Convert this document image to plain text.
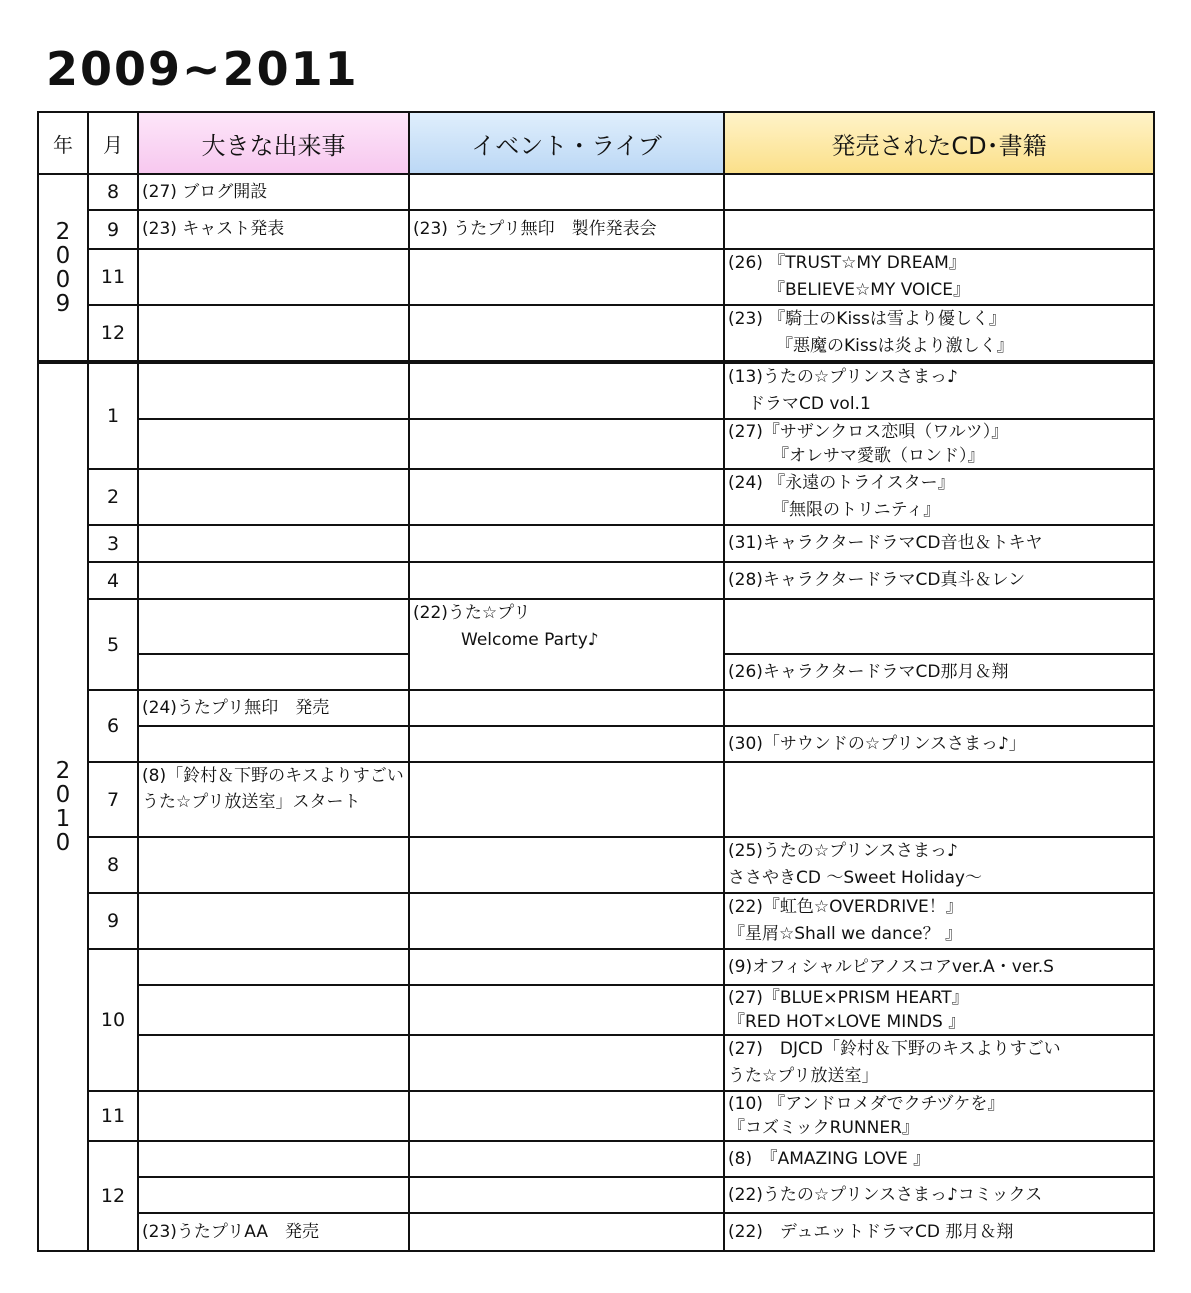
2009~2011
年	月	大きな出来事	イベント・ライブ	発売されたCD･書籍
2009	8	(27) ブログ開設		
	9	(23) キャスト発表	(23) うたプリ無印　製作発表会	
	11			(26) 『TRUST☆MY DREAM』
『BELIEVE☆MY VOICE』

	12			(23) 『騎士のKissは雪より優しく』
『悪魔のKissは炎より激しく』

2010	1			(13)うたの☆プリンスさまっ♪
ドラマCD vol.1

				(27)『サザンクロス恋唄（ワルツ）』
『オレサマ愛歌（ロンド）』

	2			(24) 『永遠のトライスター』
『無限のトリニティ』

	3			(31)キャラクタードラマCD音也＆トキヤ
	4			(28)キャラクタードラマCD真斗＆レン
	5		(22)うた☆プリ
Welcome Party♪	

				(26)キャラクタードラマCD那月＆翔
	6	(24)うたプリ無印　発売		
				(30)「サウンドの☆プリンスさまっ♪」
	7	(8)「鈴村＆下野のキスよりすごいうた☆プリ放送室」スタート		
	8			(25)うたの☆プリンスさまっ♪
ささやきCD ～Sweet Holiday～

	9			(22)『虹色☆OVERDRIVE！』
『星屑☆Shall we dance？ 』

	10			(9)オフィシャルピアノスコアver.A・ver.S

				(27)『BLUE×PRISM HEART』
『RED HOT×LOVE MINDS 』

				(27)　DJCD「鈴村＆下野のキスよりすごい
うた☆プリ放送室」

	11			(10) 『アンドロメダでクチヅケを』
『コズミックRUNNER』

	12			(8)　『AMAZING LOVE 』
				(22)うたの☆プリンスさまっ♪コミックス
		(23)うたプリAA　発売		(22)　デュエットドラマCD 那月＆翔
